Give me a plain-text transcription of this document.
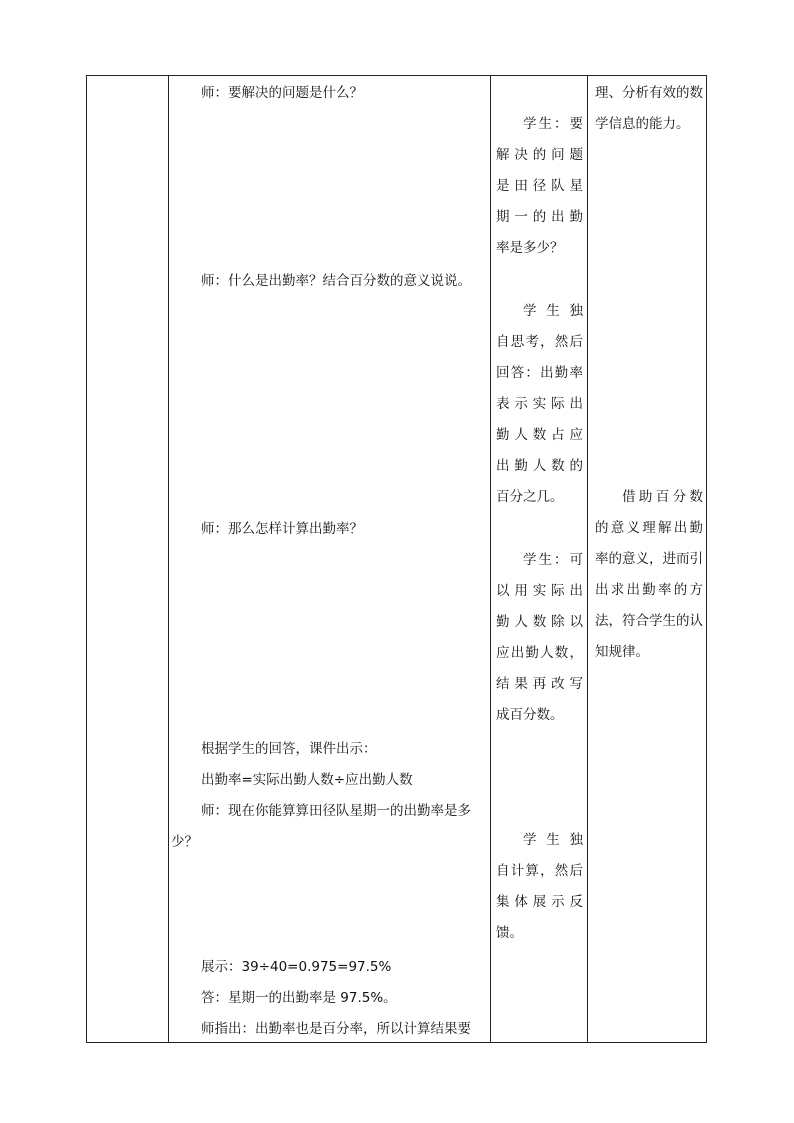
师：要解决的问题是什么？
师：什么是出勤率？结合百分数的意义说说。
师：那么怎样计算出勤率？
根据学生的回答，课件出示：
出勤率=实际出勤人数÷应出勤人数
师：现在你能算算田径队星期一的出勤率是多
少？
展示：39÷40=0.975=97.5%
答：星期一的出勤率是 97.5%。
师指出：出勤率也是百分率，所以计算结果要
学生：要
解决的问题
是田径队星
期一的出勤
率是多少？
学生独
自思考，然后
回答：出勤率
表示实际出
勤人数占应
出勤人数的
百分之几。
学生：可
以用实际出
勤人数除以
应出勤人数，
结果再改写
成百分数。
学生独
自计算，然后
集体展示反
馈。
理、分析有效的数
学信息的能力。
借助百分数
的意义理解出勤
率的意义，进而引
出求出勤率的方
法，符合学生的认
知规律。
